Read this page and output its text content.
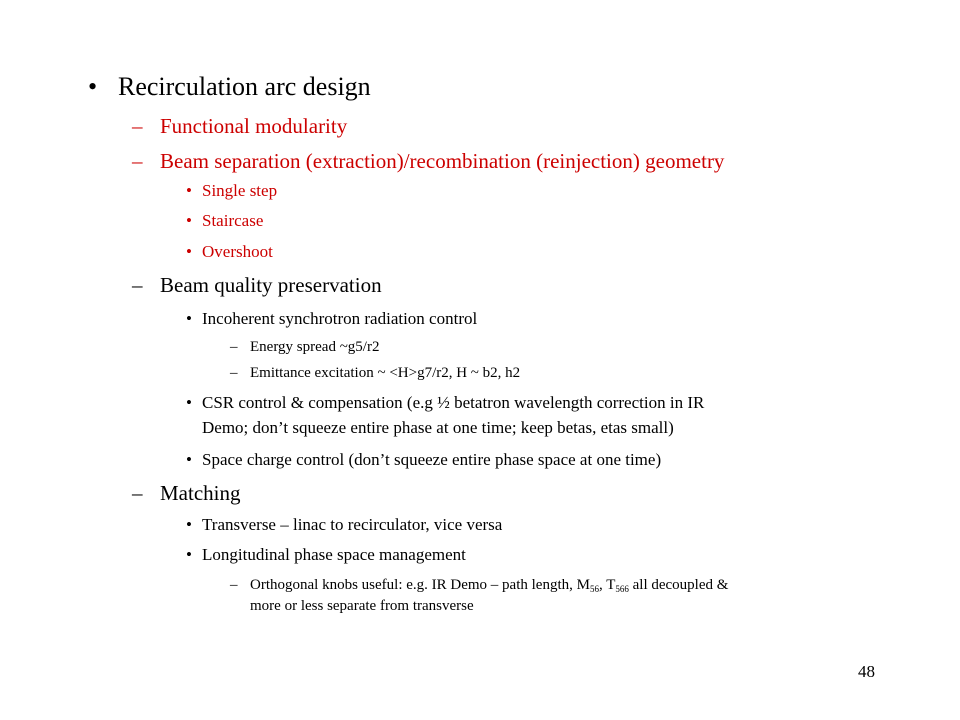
• Recirculation arc design
– Functional modularity
– Beam separation (extraction)/recombination (reinjection) geometry
• Single step
• Staircase
• Overshoot
– Beam quality preservation
• Incoherent synchrotron radiation control
– Energy spread ~g5/r2
– Emittance excitation ~ <H>g7/r2, H ~ b2, h2
• CSR control & compensation (e.g ½ betatron wavelength correction in IR
Demo; don’t squeeze entire phase at one time; keep betas, etas small)
• Space charge control (don’t squeeze entire phase space at one time)
– Matching
• Transverse – linac to recirculator, vice versa
• Longitudinal phase space management
– Orthogonal knobs useful: e.g. IR Demo – path length, $M_{56}$, $T_{566}$ all decoupled &
more or less separate from transverse
48
